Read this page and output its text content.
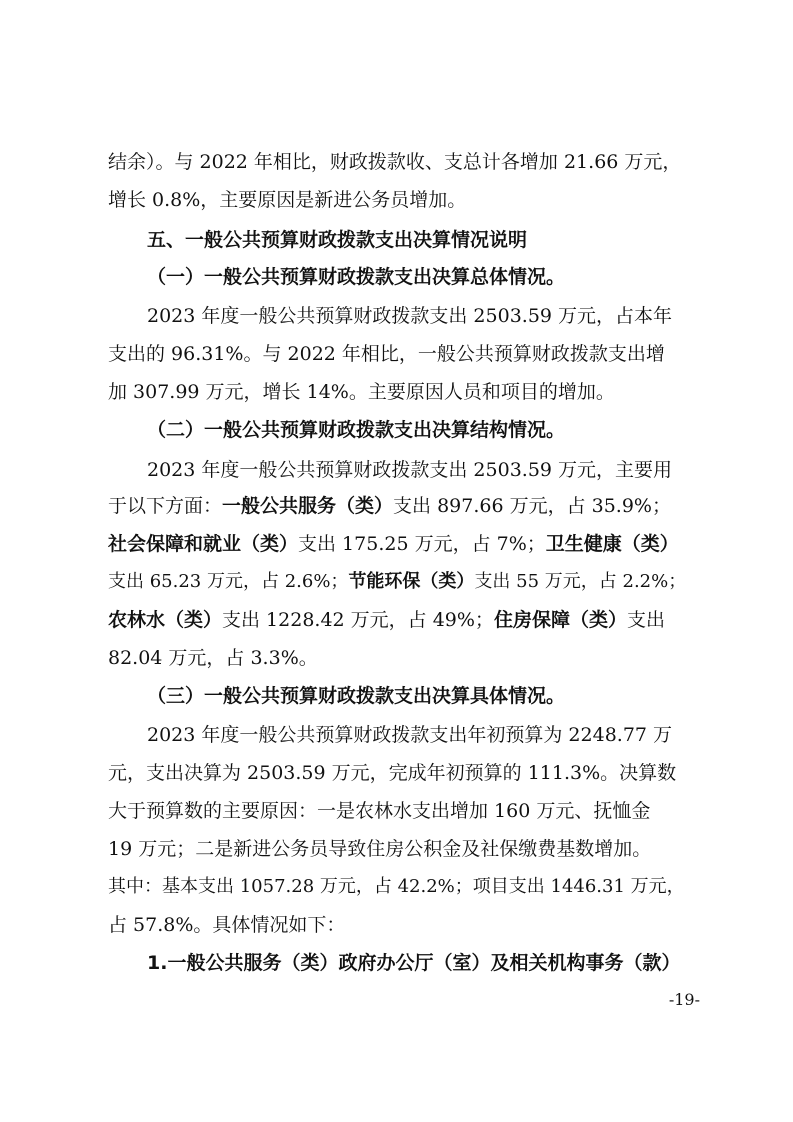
结余）。与 2022 年相比，财政拨款收、支总计各增加 21.66 万元，
增长 0.8%，主要原因是新进公务员增加。
五、一般公共预算财政拨款支出决算情况说明
（一）一般公共预算财政拨款支出决算总体情况。
2023 年度一般公共预算财政拨款支出 2503.59 万元，占本年
支出的 96.31%。与 2022 年相比，一般公共预算财政拨款支出增
加 307.99 万元，增长 14%。主要原因人员和项目的增加。
（二）一般公共预算财政拨款支出决算结构情况。
2023 年度一般公共预算财政拨款支出 2503.59 万元，主要用
于以下方面：一般公共服务（类）支出 897.66 万元，占 35.9%；
社会保障和就业（类）支出 175.25 万元，占 7%；卫生健康（类）
支出 65.23 万元，占 2.6%；节能环保（类）支出 55 万元，占 2.2%；
农林水（类）支出 1228.42 万元，占 49%；住房保障（类）支出
82.04 万元，占 3.3%。
（三）一般公共预算财政拨款支出决算具体情况。
2023 年度一般公共预算财政拨款支出年初预算为 2248.77 万
元，支出决算为 2503.59 万元，完成年初预算的 111.3%。决算数
大于预算数的主要原因：一是农林水支出增加 160 万元、抚恤金
19 万元；二是新进公务员导致住房公积金及社保缴费基数增加。
其中：基本支出 1057.28 万元，占 42.2%；项目支出 1446.31 万元，
占 57.8%。具体情况如下：
1.一般公共服务（类）政府办公厅（室）及相关机构事务（款）
-19-
